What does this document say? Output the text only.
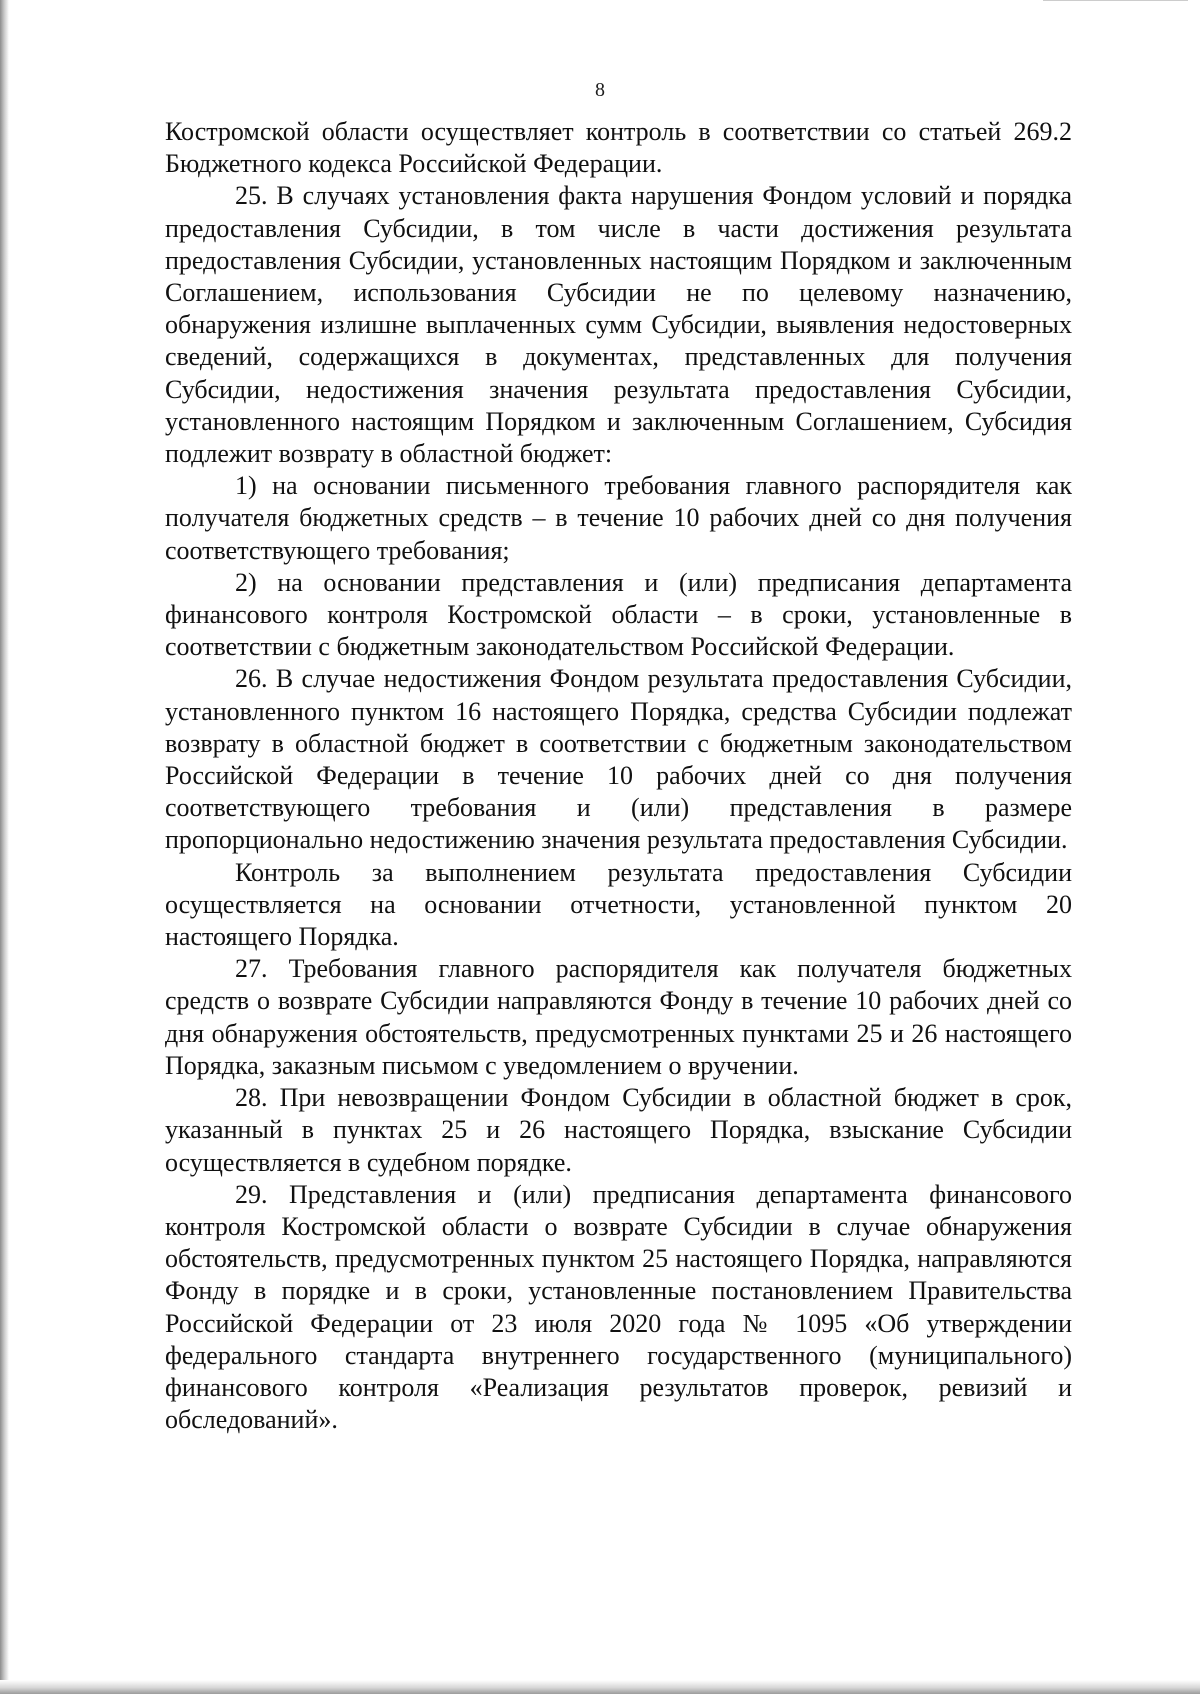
8

Костромской области осуществляет контроль в соответствии со статьей 269.2 Бюджетного кодекса Российской Федерации.

25. В случаях установления факта нарушения Фондом условий и порядка предоставления Субсидии, в том числе в части достижения результата предоставления Субсидии, установленных настоящим Порядком и заключенным Соглашением, использования Субсидии не по целевому назначению, обнаружения излишне выплаченных сумм Субсидии, выявления недостоверных сведений, содержащихся в документах, представленных для получения Субсидии, недостижения значения результата предоставления Субсидии, установленного настоящим Порядком и заключенным Соглашением, Субсидия подлежит возврату в областной бюджет:

1) на основании письменного требования главного распорядителя как получателя бюджетных средств – в течение 10 рабочих дней со дня получения соответствующего требования;

2) на основании представления и (или) предписания департамента финансового контроля Костромской области – в сроки, установленные в соответствии с бюджетным законодательством Российской Федерации.

26. В случае недостижения Фондом результата предоставления Субсидии, установленного пунктом 16 настоящего Порядка, средства Субсидии подлежат возврату в областной бюджет в соответствии с бюджетным законодательством Российской Федерации в течение 10 рабочих дней со дня получения соответствующего требования и (или) представления в размере пропорционально недостижению значения результата предоставления Субсидии.

Контроль за выполнением результата предоставления Субсидии осуществляется на основании отчетности, установленной пунктом 20 настоящего Порядка.

27. Требования главного распорядителя как получателя бюджетных средств о возврате Субсидии направляются Фонду в течение 10 рабочих дней со дня обнаружения обстоятельств, предусмотренных пунктами 25 и 26 настоящего Порядка, заказным письмом с уведомлением о вручении.

28. При невозвращении Фондом Субсидии в областной бюджет в срок, указанный в пунктах 25 и 26 настоящего Порядка, взыскание Субсидии осуществляется в судебном порядке.

29. Представления и (или) предписания департамента финансового контроля Костромской области о возврате Субсидии в случае обнаружения обстоятельств, предусмотренных пунктом 25 настоящего Порядка, направляются Фонду в порядке и в сроки, установленные постановлением Правительства Российской Федерации от 23 июля 2020 года № 1095 «Об утверждении федерального стандарта внутреннего государственного (муниципального) финансового контроля «Реализация результатов проверок, ревизий и обследований».
